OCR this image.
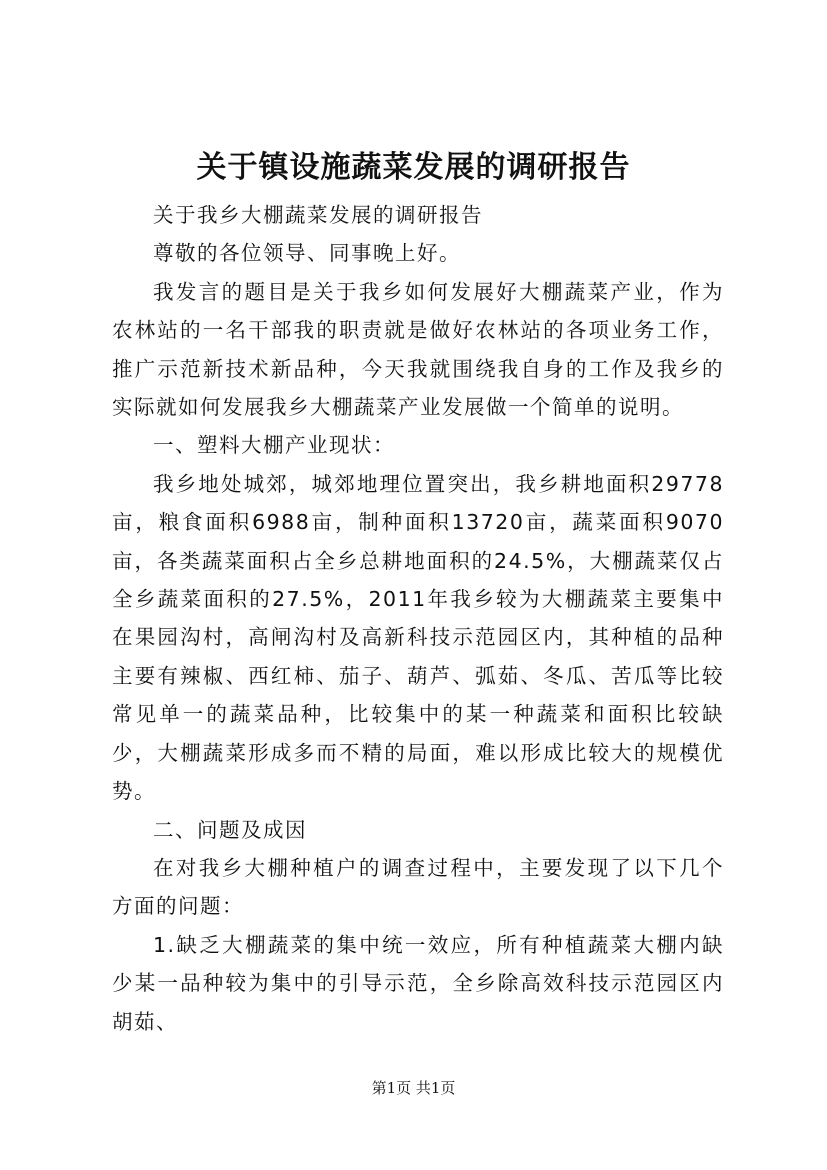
关于镇设施蔬菜发展的调研报告

关于我乡大棚蔬菜发展的调研报告

尊敬的各位领导、同事晚上好。

我发言的题目是关于我乡如何发展好大棚蔬菜产业，作为农林站的一名干部我的职责就是做好农林站的各项业务工作，推广示范新技术新品种，今天我就围绕我自身的工作及我乡的实际就如何发展我乡大棚蔬菜产业发展做一个简单的说明。

一、塑料大棚产业现状：

我乡地处城郊，城郊地理位置突出，我乡耕地面积29778亩，粮食面积6988亩，制种面积13720亩，蔬菜面积9070亩，各类蔬菜面积占全乡总耕地面积的24.5%，大棚蔬菜仅占全乡蔬菜面积的27.5%，2011年我乡较为大棚蔬菜主要集中在果园沟村，高闸沟村及高新科技示范园区内，其种植的品种主要有辣椒、西红柿、茄子、葫芦、弧茹、冬瓜、苦瓜等比较常见单一的蔬菜品种，比较集中的某一种蔬菜和面积比较缺少，大棚蔬菜形成多而不精的局面，难以形成比较大的规模优势。

二、问题及成因

在对我乡大棚种植户的调查过程中，主要发现了以下几个方面的问题：

1.缺乏大棚蔬菜的集中统一效应，所有种植蔬菜大棚内缺少某一品种较为集中的引导示范，全乡除高效科技示范园区内胡茹、

第1页 共1页
